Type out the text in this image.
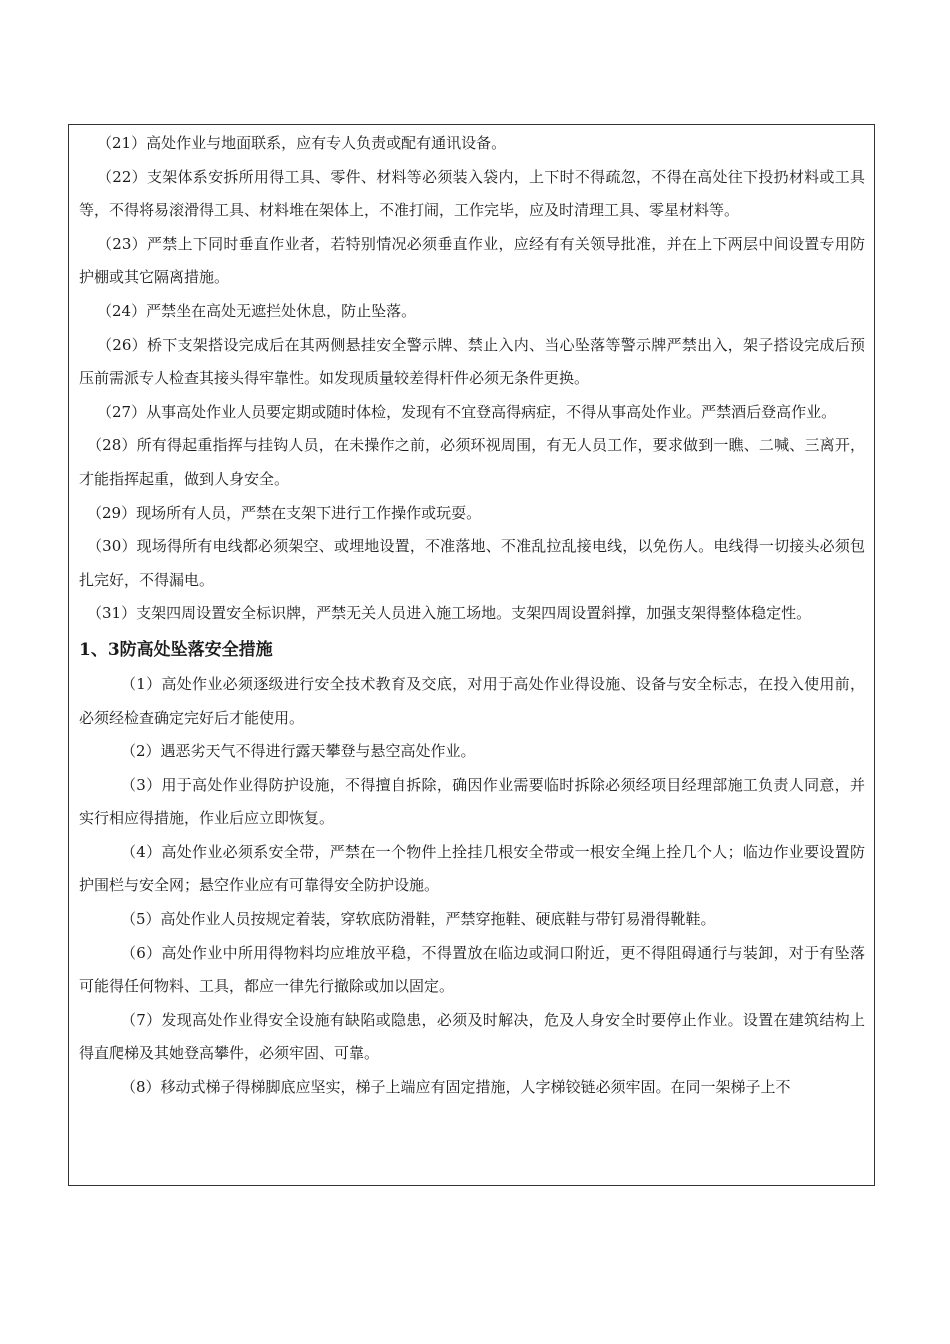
（21）高处作业与地面联系，应有专人负责或配有通讯设备。

（22）支架体系安拆所用得工具、零件、材料等必须装入袋内，上下时不得疏忽，不得在高处往下投扔材料或工具等，不得将易滚滑得工具、材料堆在架体上，不准打闹，工作完毕，应及时清理工具、零星材料等。

（23）严禁上下同时垂直作业者，若特别情况必须垂直作业，应经有有关领导批准，并在上下两层中间设置专用防护棚或其它隔离措施。

（24）严禁坐在高处无遮拦处休息，防止坠落。

（26）桥下支架搭设完成后在其两侧悬挂安全警示牌、禁止入内、当心坠落等警示牌严禁出入，架子搭设完成后预压前需派专人检查其接头得牢靠性。如发现质量较差得杆件必须无条件更换。

（27）从事高处作业人员要定期或随时体检，发现有不宜登高得病症，不得从事高处作业。严禁酒后登高作业。

（28）所有得起重指挥与挂钩人员，在未操作之前，必须环视周围，有无人员工作，要求做到一瞧、二喊、三离开，才能指挥起重，做到人身安全。

（29）现场所有人员，严禁在支架下进行工作操作或玩耍。

（30）现场得所有电线都必须架空、或埋地设置，不准落地、不准乱拉乱接电线，以免伤人。电线得一切接头必须包扎完好，不得漏电。

（31）支架四周设置安全标识牌，严禁无关人员进入施工场地。支架四周设置斜撑，加强支架得整体稳定性。

1、3防高处坠落安全措施

（1）高处作业必须逐级进行安全技术教育及交底，对用于高处作业得设施、设备与安全标志，在投入使用前，必须经检查确定完好后才能使用。

（2）遇恶劣天气不得进行露天攀登与悬空高处作业。

（3）用于高处作业得防护设施，不得擅自拆除，确因作业需要临时拆除必须经项目经理部施工负责人同意，并实行相应得措施，作业后应立即恢复。

（4）高处作业必须系安全带，严禁在一个物件上拴挂几根安全带或一根安全绳上拴几个人；临边作业要设置防护围栏与安全网；悬空作业应有可靠得安全防护设施。

（5）高处作业人员按规定着装，穿软底防滑鞋，严禁穿拖鞋、硬底鞋与带钉易滑得靴鞋。

（6）高处作业中所用得物料均应堆放平稳，不得置放在临边或洞口附近，更不得阻碍通行与装卸，对于有坠落可能得任何物料、工具，都应一律先行撤除或加以固定。

（7）发现高处作业得安全设施有缺陷或隐患，必须及时解决，危及人身安全时要停止作业。设置在建筑结构上得直爬梯及其她登高攀件，必须牢固、可靠。

（8）移动式梯子得梯脚底应坚实，梯子上端应有固定措施，人字梯铰链必须牢固。在同一架梯子上不
